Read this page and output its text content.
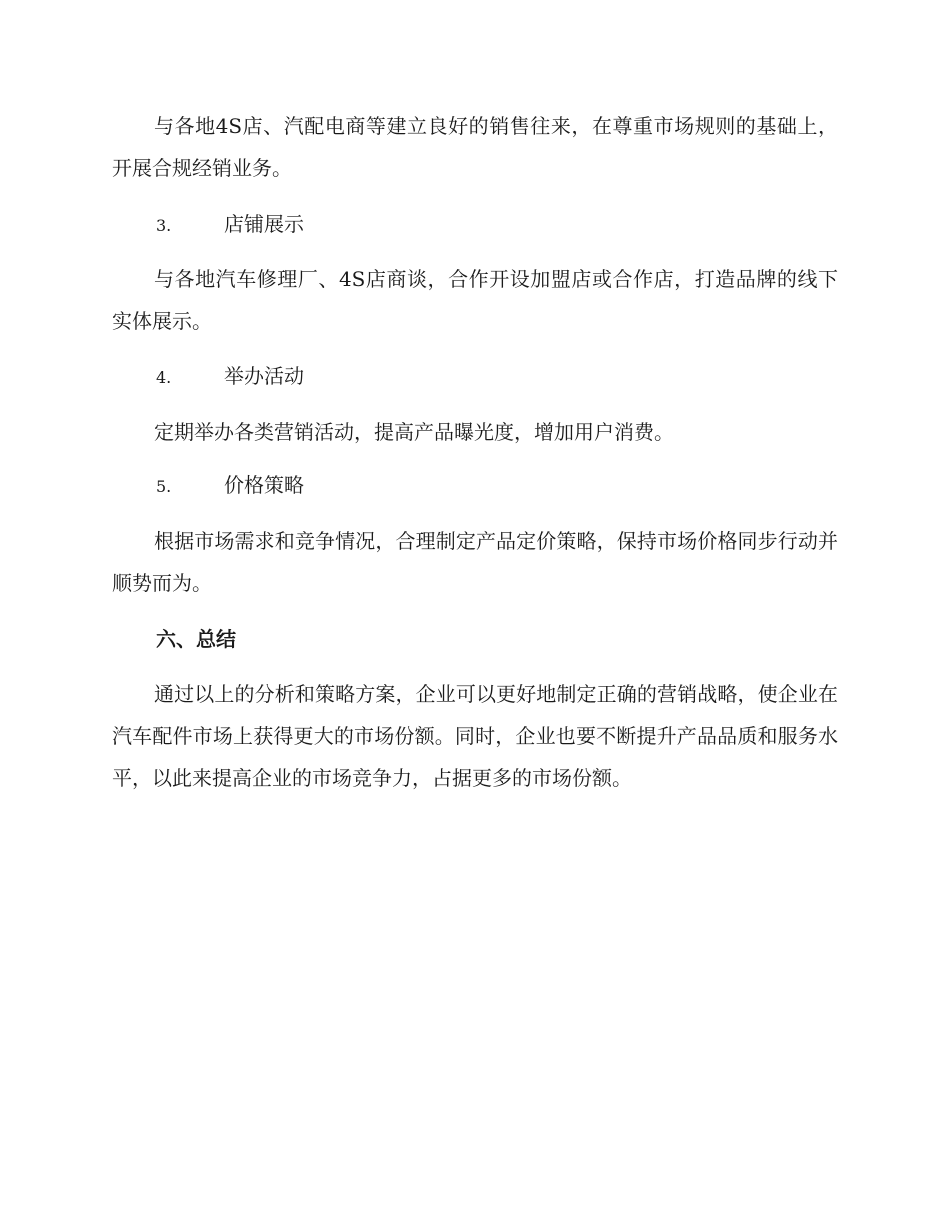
与各地4S店、汽配电商等建立良好的销售往来，在尊重市场规则的基础上，开展合规经销业务。

3.	店铺展示

与各地汽车修理厂、4S店商谈，合作开设加盟店或合作店，打造品牌的线下实体展示。

4.	举办活动

定期举办各类营销活动，提高产品曝光度，增加用户消费。

5.	价格策略

根据市场需求和竞争情况，合理制定产品定价策略，保持市场价格同步行动并顺势而为。

六、总结

通过以上的分析和策略方案，企业可以更好地制定正确的营销战略，使企业在汽车配件市场上获得更大的市场份额。同时，企业也要不断提升产品品质和服务水平，以此来提高企业的市场竞争力，占据更多的市场份额。
